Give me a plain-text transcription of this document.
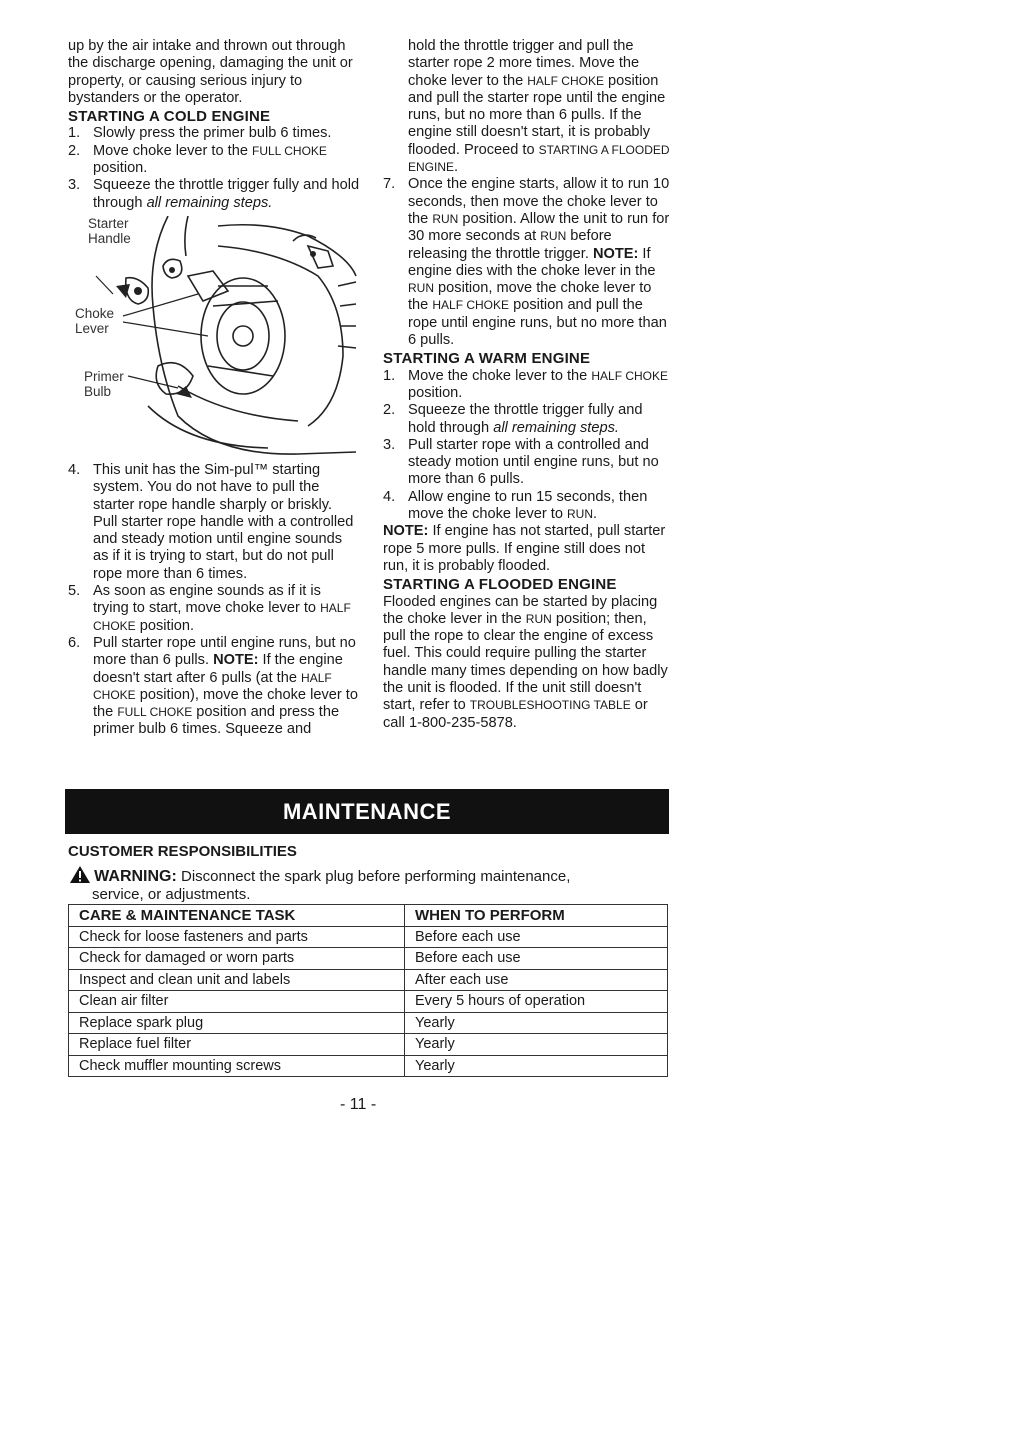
up by the air intake and thrown out through the discharge opening, damaging the unit or property, or causing serious injury to bystanders or the operator.

STARTING A COLD ENGINE

1. Slowly press the primer bulb 6 times.
2. Move choke lever to the FULL CHOKE position.
3. Squeeze the throttle trigger fully and hold through all remaining steps.
Starter
Handle
Choke
Lever
Primer
Bulb
4. This unit has the Sim-pul™ starting system. You do not have to pull the starter rope handle sharply or briskly. Pull starter rope handle with a controlled and steady motion until engine sounds as if it is trying to start, but do not pull rope more than 6 times.
5. As soon as engine sounds as if it is trying to start, move choke lever to HALF CHOKE position.
6. Pull starter rope until engine runs, but no more than 6 pulls. NOTE: If the engine doesn't start after 6 pulls (at the HALF CHOKE position), move the choke lever to the FULL CHOKE position and press the primer bulb 6 times. Squeeze and

hold the throttle trigger and pull the starter rope 2 more times. Move the choke lever to the HALF CHOKE position and pull the starter rope until the engine runs, but no more than 6 pulls. If the engine still doesn't start, it is probably flooded. Proceed to STARTING A FLOODED ENGINE.

7. Once the engine starts, allow it to run 10 seconds, then move the choke lever to the RUN position. Allow the unit to run for 30 more seconds at RUN before releasing the throttle trigger. NOTE: If engine dies with the choke lever in the RUN position, move the choke lever to the HALF CHOKE position and pull the rope until engine runs, but no more than 6 pulls.

STARTING A WARM ENGINE

1. Move the choke lever to the HALF CHOKE position.
2. Squeeze the throttle trigger fully and hold through all remaining steps.
3. Pull starter rope with a controlled and steady motion until engine runs, but no more than 6 pulls.
4. Allow engine to run 15 seconds, then move the choke lever to RUN.

NOTE: If engine has not started, pull starter rope 5 more pulls. If engine still does not run, it is probably flooded.

STARTING A FLOODED ENGINE

Flooded engines can be started by placing the choke lever in the RUN position; then, pull the rope to clear the engine of excess fuel. This could require pulling the starter handle many times depending on how badly the unit is flooded. If the unit still doesn't start, refer to TROUBLESHOOTING TABLE or call 1-800-235-5878.

MAINTENANCE
CUSTOMER RESPONSIBILITIES
WARNING: Disconnect the spark plug before performing maintenance,
service, or adjustments.
CARE & MAINTENANCE TASK	WHEN TO PERFORM
Check for loose fasteners and parts	Before each use
Check for damaged or worn parts	Before each use
Inspect and clean unit and labels	After each use
Clean air filter	Every 5 hours of operation
Replace spark plug	Yearly
Replace fuel filter	Yearly
Check muffler mounting screws	Yearly
- 11 -
